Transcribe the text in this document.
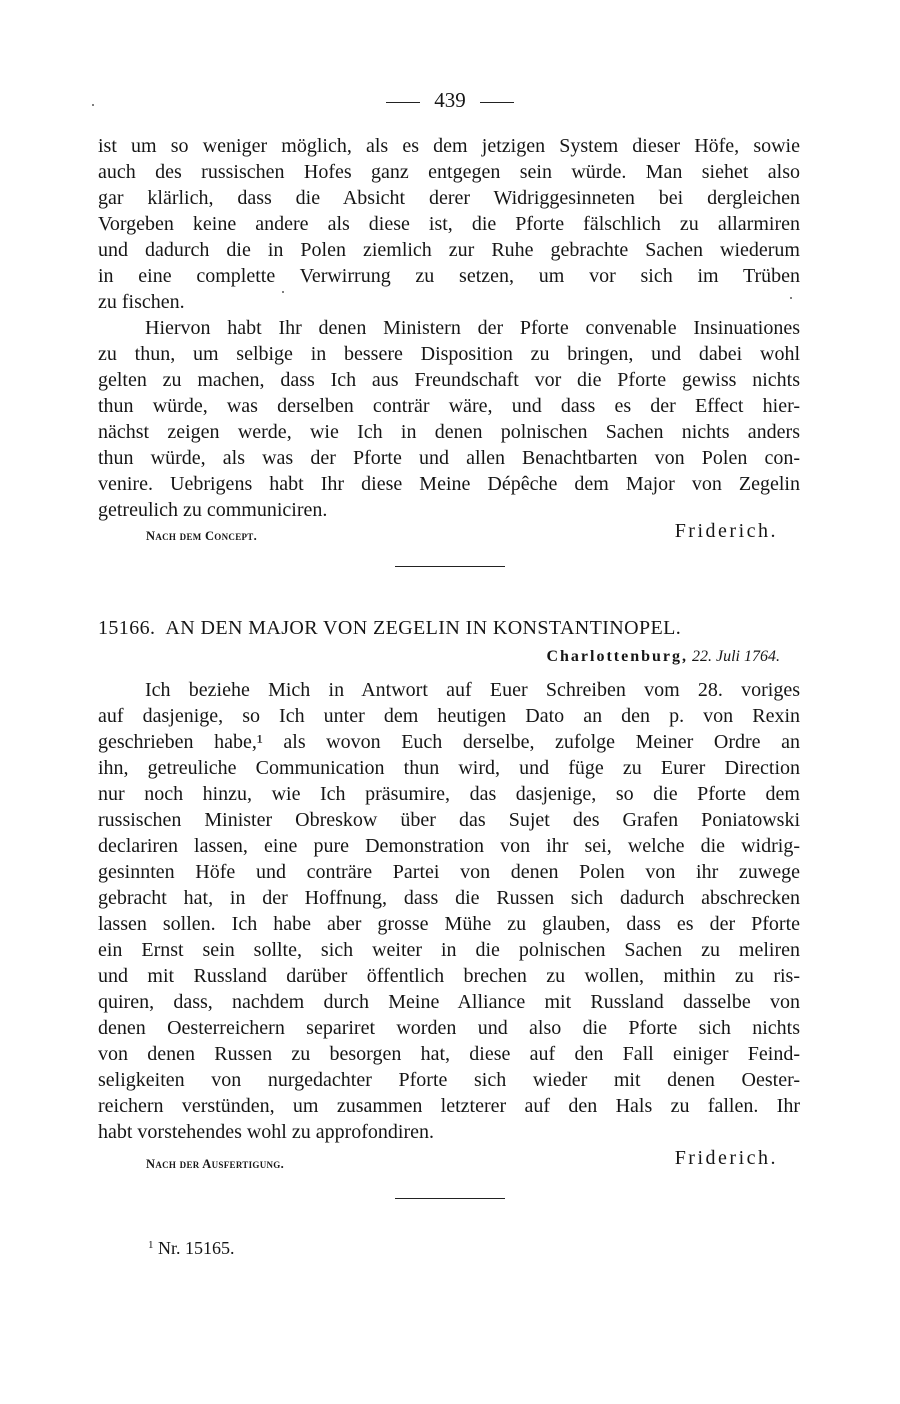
439
ist um so weniger möglich, als es dem jetzigen System dieser Höfe, sowie
auch des russischen Hofes ganz entgegen sein würde. Man siehet also
gar klärlich, dass die Absicht derer Widriggesinneten bei dergleichen
Vorgeben keine andere als diese ist, die Pforte fälschlich zu allarmiren
und dadurch die in Polen ziemlich zur Ruhe gebrachte Sachen wiederum
in eine complette Verwirrung zu setzen, um vor sich im Trüben
zu fischen.
Hiervon habt Ihr denen Ministern der Pforte convenable Insinuationes
zu thun, um selbige in bessere Disposition zu bringen, und dabei wohl
gelten zu machen, dass Ich aus Freundschaft vor die Pforte gewiss nichts
thun würde, was derselben conträr wäre, und dass es der Effect hier-
nächst zeigen werde, wie Ich in denen polnischen Sachen nichts anders
thun würde, als was der Pforte und allen Benachtbarten von Polen con-
venire. Uebrigens habt Ihr diese Meine Dépêche dem Major von Zegelin
getreulich zu communiciren.
Nach dem Concept.	Friderich.
15166. AN DEN MAJOR VON ZEGELIN IN KONSTANTINOPEL.
Charlottenburg, 22. Juli 1764.
Ich beziehe Mich in Antwort auf Euer Schreiben vom 28. voriges
auf dasjenige, so Ich unter dem heutigen Dato an den p. von Rexin
geschrieben habe,¹ als wovon Euch derselbe, zufolge Meiner Ordre an
ihn, getreuliche Communication thun wird, und füge zu Eurer Direction
nur noch hinzu, wie Ich präsumire, das dasjenige, so die Pforte dem
russischen Minister Obreskow über das Sujet des Grafen Poniatowski
declariren lassen, eine pure Demonstration von ihr sei, welche die widrig-
gesinnten Höfe und conträre Partei von denen Polen von ihr zuwege
gebracht hat, in der Hoffnung, dass die Russen sich dadurch abschrecken
lassen sollen. Ich habe aber grosse Mühe zu glauben, dass es der Pforte
ein Ernst sein sollte, sich weiter in die polnischen Sachen zu meliren
und mit Russland darüber öffentlich brechen zu wollen, mithin zu ris-
quiren, dass, nachdem durch Meine Alliance mit Russland dasselbe von
denen Oesterreichern separiret worden und also die Pforte sich nichts
von denen Russen zu besorgen hat, diese auf den Fall einiger Feind-
seligkeiten von nurgedachter Pforte sich wieder mit denen Oester-
reichern verstünden, um zusammen letzterer auf den Hals zu fallen. Ihr
habt vorstehendes wohl zu approfondiren.
Nach der Ausfertigung.	Friderich.
$^1$ Nr. 15165.
